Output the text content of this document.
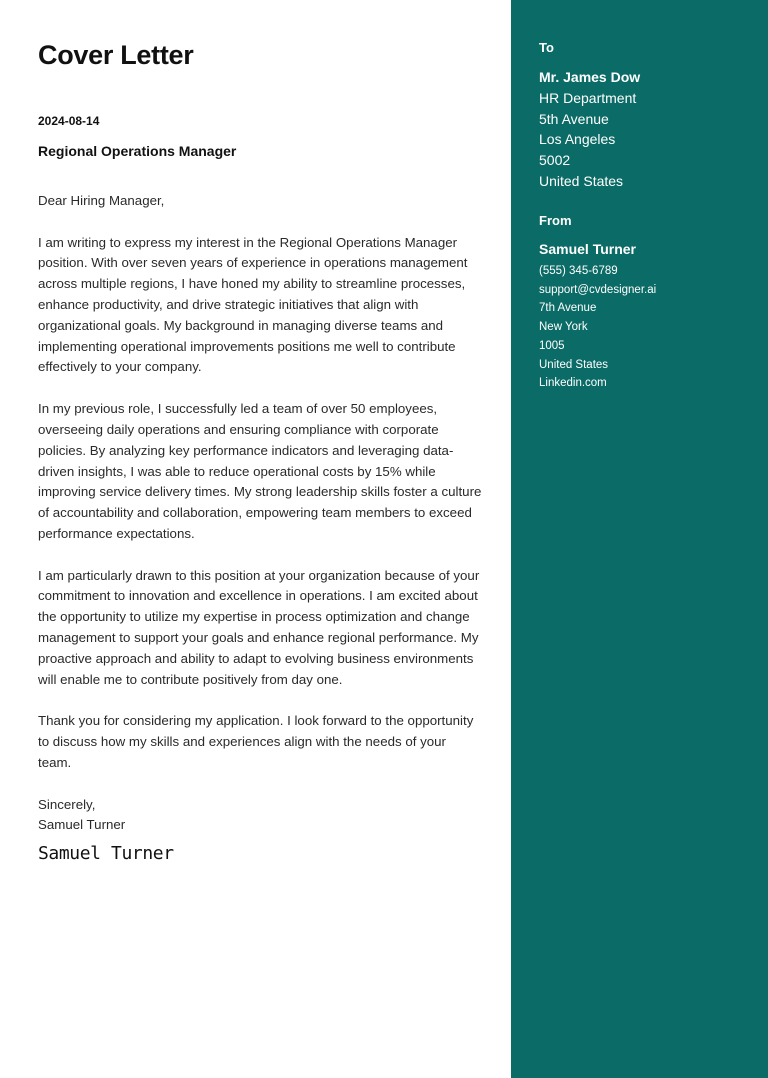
Cover Letter
2024-08-14
Regional Operations Manager

Dear Hiring Manager,

I am writing to express my interest in the Regional Operations Manager position. With over seven years of experience in operations management across multiple regions, I have honed my ability to streamline processes, enhance productivity, and drive strategic initiatives that align with organizational goals. My background in managing diverse teams and implementing operational improvements positions me well to contribute effectively to your company.

In my previous role, I successfully led a team of over 50 employees, overseeing daily operations and ensuring compliance with corporate policies. By analyzing key performance indicators and leveraging data-driven insights, I was able to reduce operational costs by 15% while improving service delivery times. My strong leadership skills foster a culture of accountability and collaboration, empowering team members to exceed performance expectations.

I am particularly drawn to this position at your organization because of your commitment to innovation and excellence in operations. I am excited about the opportunity to utilize my expertise in process optimization and change management to support your goals and enhance regional performance. My proactive approach and ability to adapt to evolving business environments will enable me to contribute positively from day one.

Thank you for considering my application. I look forward to the opportunity to discuss how my skills and experiences align with the needs of your team.

Sincerely,

Samuel Turner

Samuel Turner
To
Mr. James Dow
HR Department
5th Avenue
Los Angeles
5002
United States
From
Samuel Turner
(555) 345-6789
support@cvdesigner.ai
7th Avenue
New York
1005
United States
Linkedin.com
